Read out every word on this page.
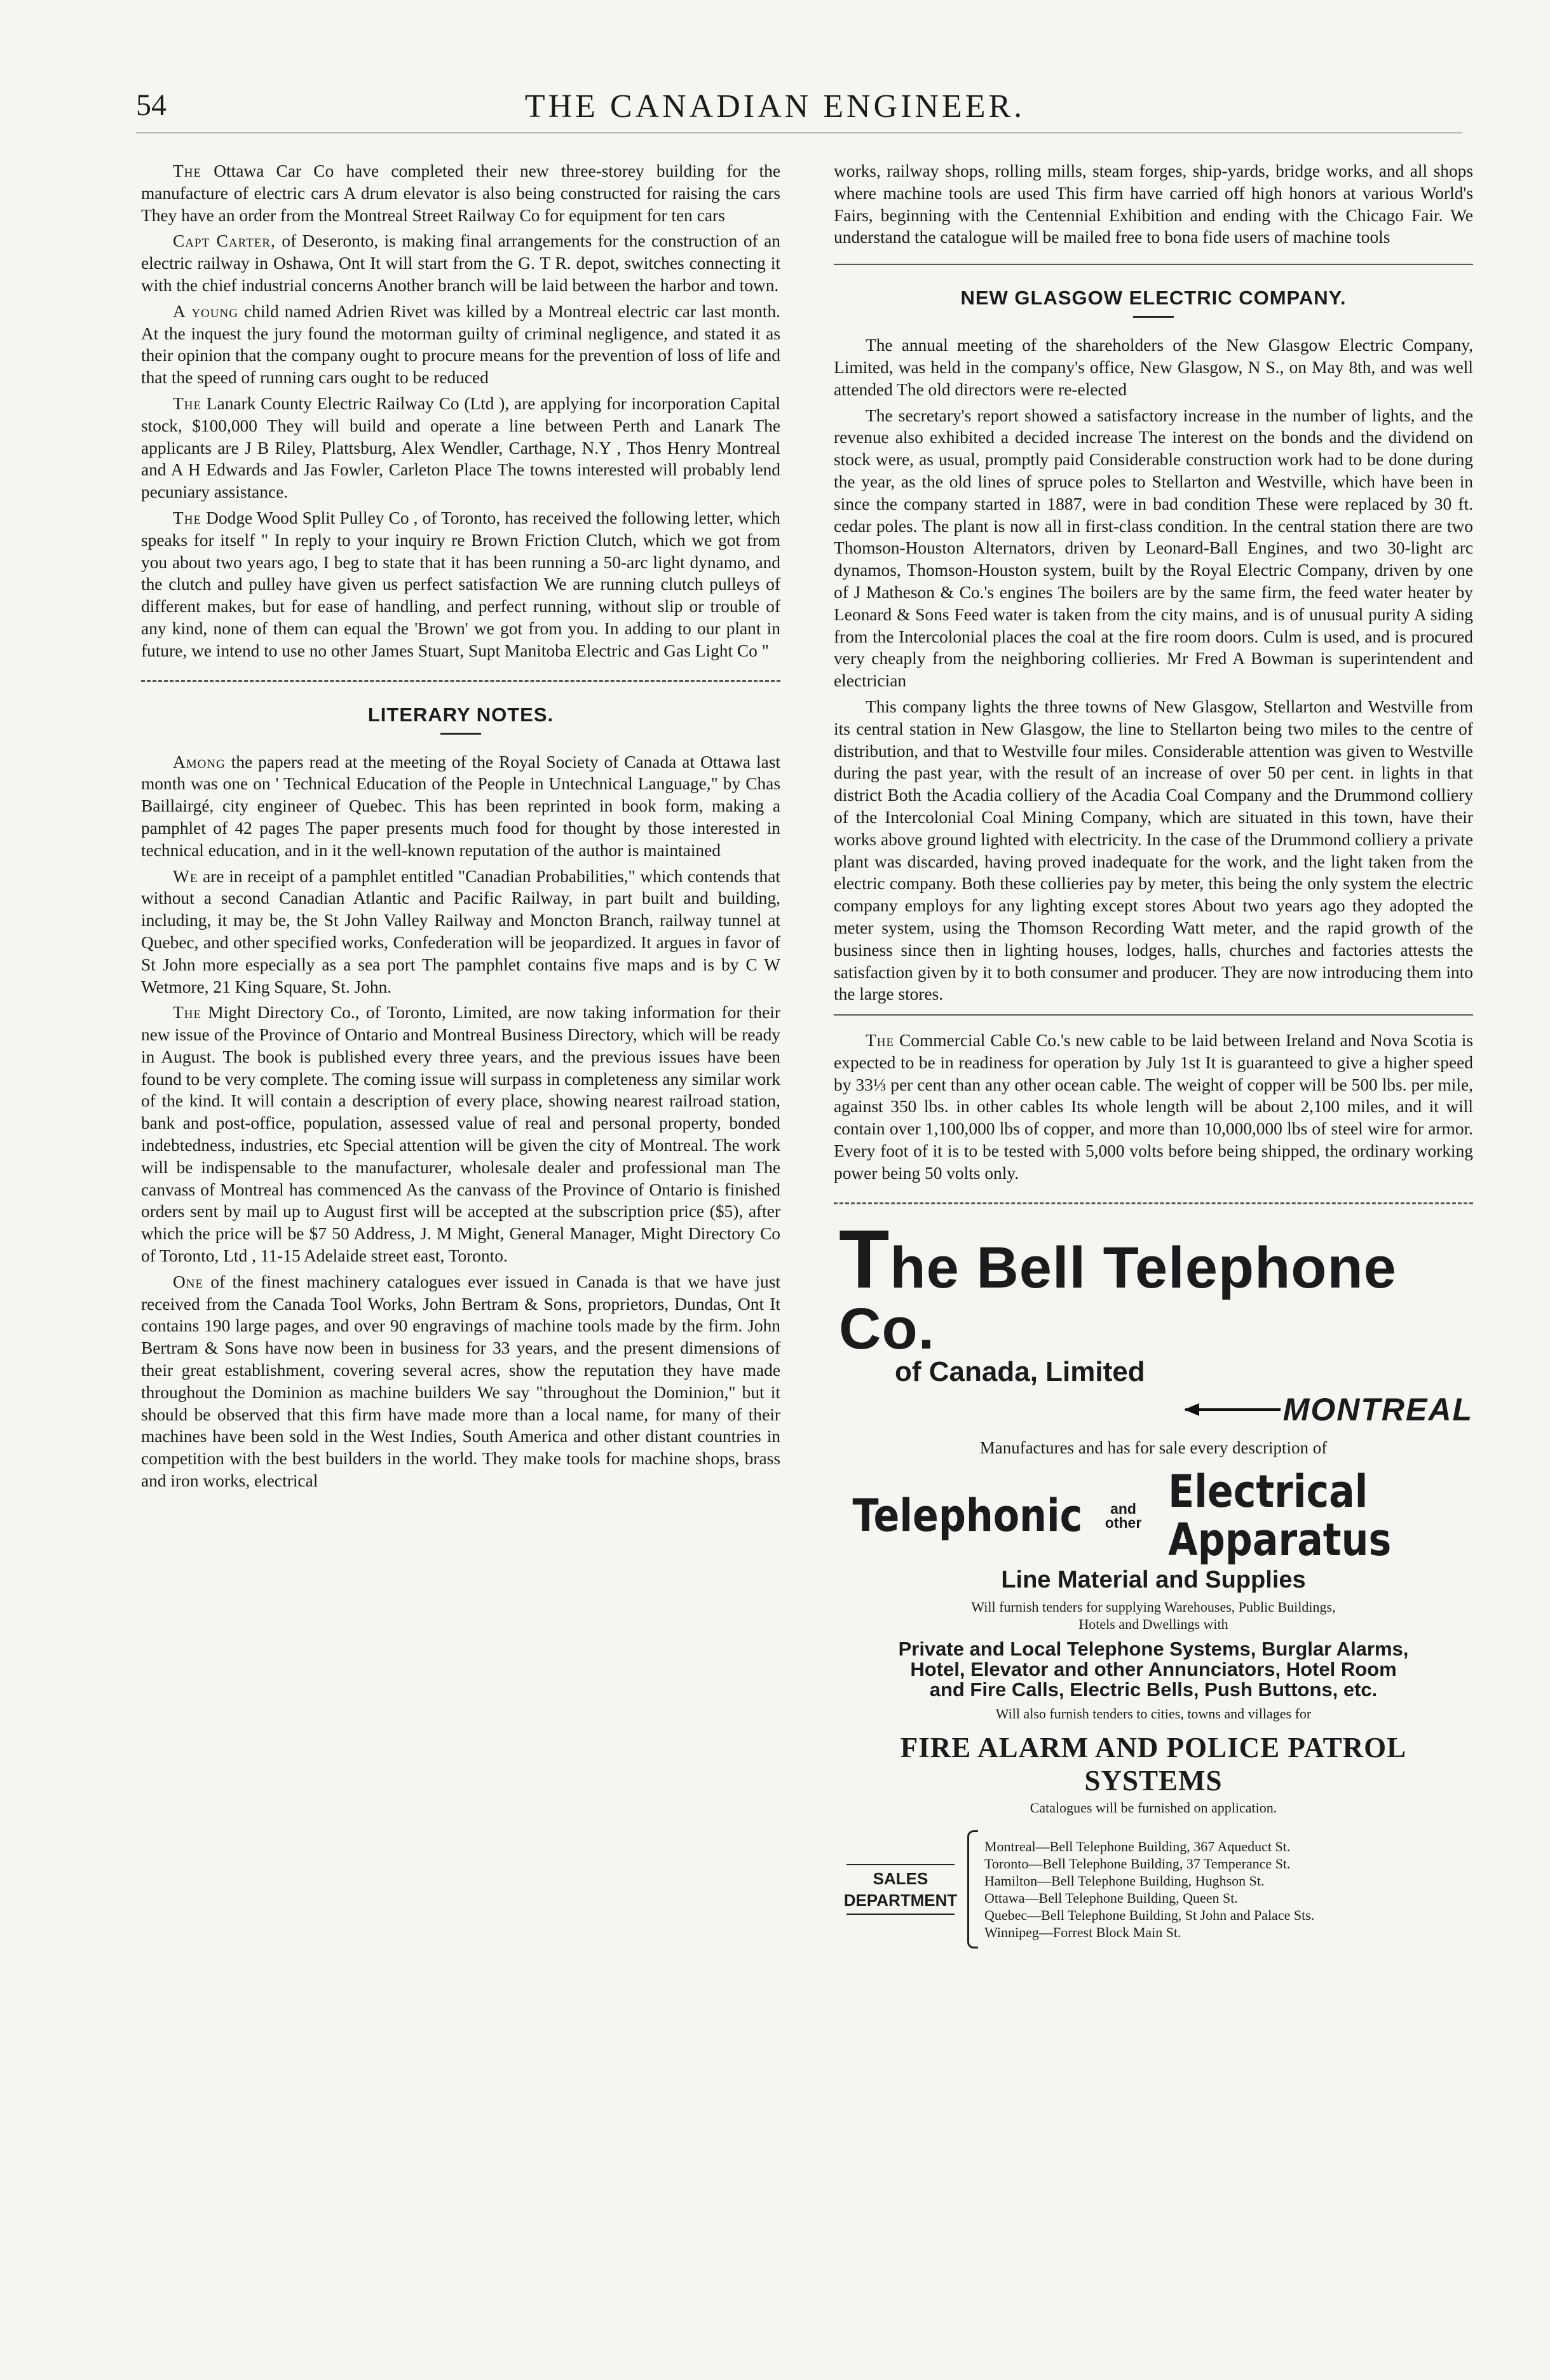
54	THE CANADIAN ENGINEER.

The Ottawa Car Co have completed their new three-storey building for the manufacture of electric cars A drum elevator is also being constructed for raising the cars They have an order from the Montreal Street Railway Co for equipment for ten cars

Capt Carter, of Deseronto, is making final arrangements for the construction of an electric railway in Oshawa, Ont It will start from the G. T R. depot, switches connecting it with the chief industrial concerns Another branch will be laid between the harbor and town.

A young child named Adrien Rivet was killed by a Montreal electric car last month. At the inquest the jury found the motorman guilty of criminal negligence, and stated it as their opinion that the company ought to procure means for the prevention of loss of life and that the speed of running cars ought to be reduced

The Lanark County Electric Railway Co (Ltd ), are applying for incorporation Capital stock, $100,000 They will build and operate a line between Perth and Lanark The applicants are J B Riley, Plattsburg, Alex Wendler, Carthage, N.Y , Thos Henry Montreal and A H Edwards and Jas Fowler, Carleton Place The towns interested will probably lend pecuniary assistance.

The Dodge Wood Split Pulley Co , of Toronto, has received the following letter, which speaks for itself " In reply to your inquiry re Brown Friction Clutch, which we got from you about two years ago, I beg to state that it has been running a 50-arc light dynamo, and the clutch and pulley have given us perfect satisfaction We are running clutch pulleys of different makes, but for ease of handling, and perfect running, without slip or trouble of any kind, none of them can equal the 'Brown' we got from you. In adding to our plant in future, we intend to use no other James Stuart, Supt Manitoba Electric and Gas Light Co "

LITERARY NOTES.

Among the papers read at the meeting of the Royal Society of Canada at Ottawa last month was one on ' Technical Education of the People in Untechnical Language," by Chas Baillairgé, city engineer of Quebec. This has been reprinted in book form, making a pamphlet of 42 pages The paper presents much food for thought by those interested in technical education, and in it the well-known reputation of the author is maintained

We are in receipt of a pamphlet entitled "Canadian Probabilities," which contends that without a second Canadian Atlantic and Pacific Railway, in part built and building, including, it may be, the St John Valley Railway and Moncton Branch, railway tunnel at Quebec, and other specified works, Confederation will be jeopardized. It argues in favor of St John more especially as a sea port The pamphlet contains five maps and is by C W Wetmore, 21 King Square, St. John.

The Might Directory Co., of Toronto, Limited, are now taking information for their new issue of the Province of Ontario and Montreal Business Directory, which will be ready in August. The book is published every three years, and the previous issues have been found to be very complete. The coming issue will surpass in completeness any similar work of the kind. It will contain a description of every place, showing nearest railroad station, bank and post-office, population, assessed value of real and personal property, bonded indebtedness, industries, etc Special attention will be given the city of Montreal. The work will be indispensable to the manufacturer, wholesale dealer and professional man The canvass of Montreal has commenced As the canvass of the Province of Ontario is finished orders sent by mail up to August first will be accepted at the subscription price ($5), after which the price will be $7 50 Address, J. M Might, General Manager, Might Directory Co of Toronto, Ltd , 11-15 Adelaide street east, Toronto.

One of the finest machinery catalogues ever issued in Canada is that we have just received from the Canada Tool Works, John Bertram & Sons, proprietors, Dundas, Ont It contains 190 large pages, and over 90 engravings of machine tools made by the firm. John Bertram & Sons have now been in business for 33 years, and the present dimensions of their great establishment, covering several acres, show the reputation they have made throughout the Dominion as machine builders We say "throughout the Dominion," but it should be observed that this firm have made more than a local name, for many of their machines have been sold in the West Indies, South America and other distant countries in competition with the best builders in the world. They make tools for machine shops, brass and iron works, electrical

works, railway shops, rolling mills, steam forges, ship-yards, bridge works, and all shops where machine tools are used This firm have carried off high honors at various World's Fairs, beginning with the Centennial Exhibition and ending with the Chicago Fair. We understand the catalogue will be mailed free to bona fide users of machine tools

NEW GLASGOW ELECTRIC COMPANY.

The annual meeting of the shareholders of the New Glasgow Electric Company, Limited, was held in the company's office, New Glasgow, N S., on May 8th, and was well attended The old directors were re-elected

The secretary's report showed a satisfactory increase in the number of lights, and the revenue also exhibited a decided increase The interest on the bonds and the dividend on stock were, as usual, promptly paid Considerable construction work had to be done during the year, as the old lines of spruce poles to Stellarton and Westville, which have been in since the company started in 1887, were in bad condition These were replaced by 30 ft. cedar poles. The plant is now all in first-class condition. In the central station there are two Thomson-Houston Alternators, driven by Leonard-Ball Engines, and two 30-light arc dynamos, Thomson-Houston system, built by the Royal Electric Company, driven by one of J Matheson & Co.'s engines The boilers are by the same firm, the feed water heater by Leonard & Sons Feed water is taken from the city mains, and is of unusual purity A siding from the Intercolonial places the coal at the fire room doors. Culm is used, and is procured very cheaply from the neighboring collieries. Mr Fred A Bowman is superintendent and electrician

This company lights the three towns of New Glasgow, Stellarton and Westville from its central station in New Glasgow, the line to Stellarton being two miles to the centre of distribution, and that to Westville four miles. Considerable attention was given to Westville during the past year, with the result of an increase of over 50 per cent. in lights in that district Both the Acadia colliery of the Acadia Coal Company and the Drummond colliery of the Intercolonial Coal Mining Company, which are situated in this town, have their works above ground lighted with electricity. In the case of the Drummond colliery a private plant was discarded, having proved inadequate for the work, and the light taken from the electric company. Both these collieries pay by meter, this being the only system the electric company employs for any lighting except stores About two years ago they adopted the meter system, using the Thomson Recording Watt meter, and the rapid growth of the business since then in lighting houses, lodges, halls, churches and factories attests the satisfaction given by it to both consumer and producer. They are now introducing them into the large stores.

The Commercial Cable Co.'s new cable to be laid between Ireland and Nova Scotia is expected to be in readiness for operation by July 1st It is guaranteed to give a higher speed by 33⅓ per cent than any other ocean cable. The weight of copper will be 500 lbs. per mile, against 350 lbs. in other cables Its whole length will be about 2,100 miles, and it will contain over 1,100,000 lbs of copper, and more than 10,000,000 lbs of steel wire for armor. Every foot of it is to be tested with 5,000 volts before being shipped, the ordinary working power being 50 volts only.

The Bell Telephone Co.
of Canada, Limited
MONTREAL
Manufactures and has for sale every description of
Telephonic and
other
Electrical Apparatus
Line Material and Supplies
Will furnish tenders for supplying Warehouses, Public Buildings,
Hotels and Dwellings with
Private and Local Telephone Systems, Burglar Alarms,
Hotel, Elevator and other Annunciators, Hotel Room
and Fire Calls, Electric Bells, Push Buttons, etc.
Will also furnish tenders to cities, towns and villages for
FIRE ALARM AND POLICE PATROL SYSTEMS
Catalogues will be furnished on application.
SALES
DEPARTMENT
Montreal—Bell Telephone Building, 367 Aqueduct St.
Toronto—Bell Telephone Building, 37 Temperance St.
Hamilton—Bell Telephone Building, Hughson St.
Ottawa—Bell Telephone Building, Queen St.
Quebec—Bell Telephone Building, St John and Palace Sts.
Winnipeg—Forrest Block Main St.
